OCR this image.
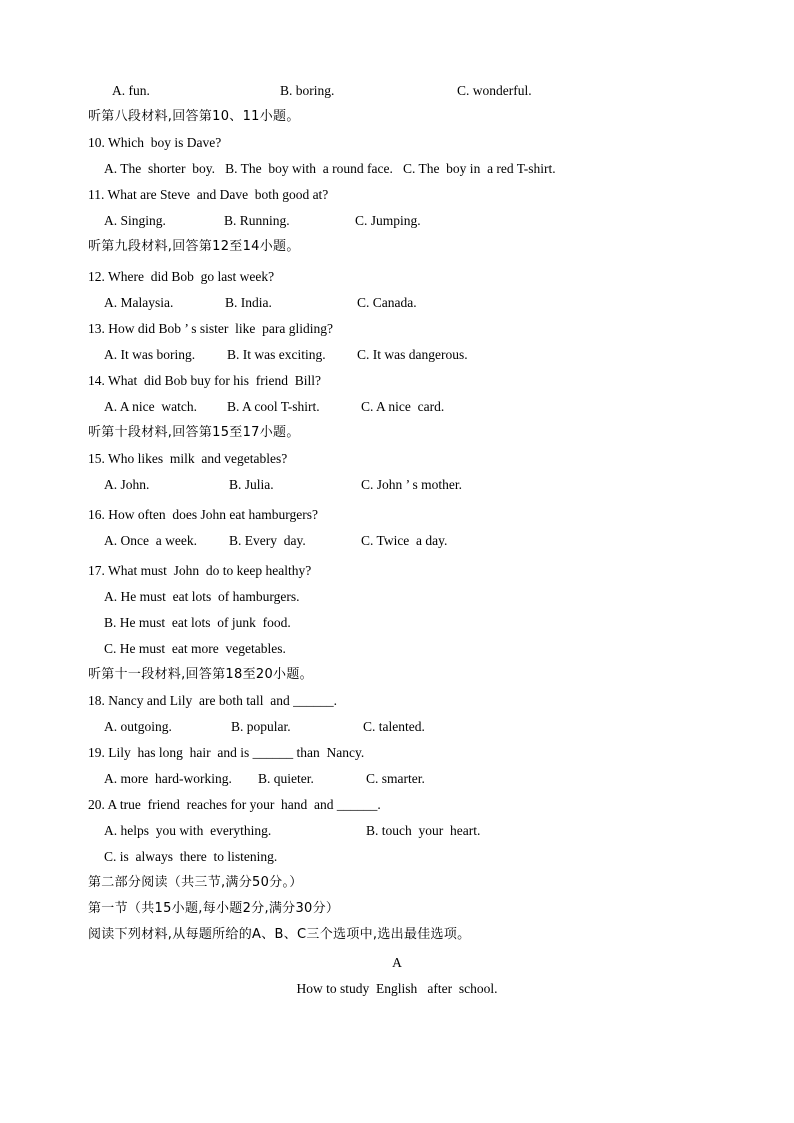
A. fun.	B. boring.	C. wonderful.
听第八段材料,回答第10、11小题。
10. Which  boy is Dave?
A. The  shorter  boy.   B. The  boy with  a round face.   C. The  boy in  a red T-shirt.
11. What are Steve  and Dave  both good at?
A. Singing.	B. Running.	C. Jumping.
听第九段材料,回答第12至14小题。
12. Where  did Bob  go last week?
A. Malaysia.	B. India.	C. Canada.
13. How did Bob ’ s sister  like  para gliding?
A. It was boring. B. It was exciting. C. It was dangerous.
14. What  did Bob buy for his  friend  Bill?
A. A nice  watch. B. A cool T-shirt.	C. A nice  card.
听第十段材料,回答第15至17小题。
15. Who likes  milk  and vegetables?
A. John.	B. Julia.	C. John ’ s mother.
16. How often  does John eat hamburgers?
A. Once  a week. B. Every  day.	C. Twice  a day.
17. What must  John  do to keep healthy?
A. He must  eat lots  of hamburgers.
B. He must  eat lots  of junk  food.
C. He must  eat more  vegetables.
听第十一段材料,回答第18至20小题。
18. Nancy and Lily  are both tall  and ______.
A. outgoing.	B. popular.	C. talented.
19. Lily  has long  hair  and is ______ than  Nancy.
A. more  hard-working. B. quieter.	C. smarter.
20. A true  friend  reaches for your  hand  and ______.
A. helps  you with  everything.	B. touch  your  heart.
C. is  always  there  to listening.
第二部分阅读（共三节,满分50分。）
第一节（共15小题,每小题2分,满分30分）
阅读下列材料,从每题所给的A、B、C三个选项中,选出最佳选项。
A
How to study  English   after  school.
